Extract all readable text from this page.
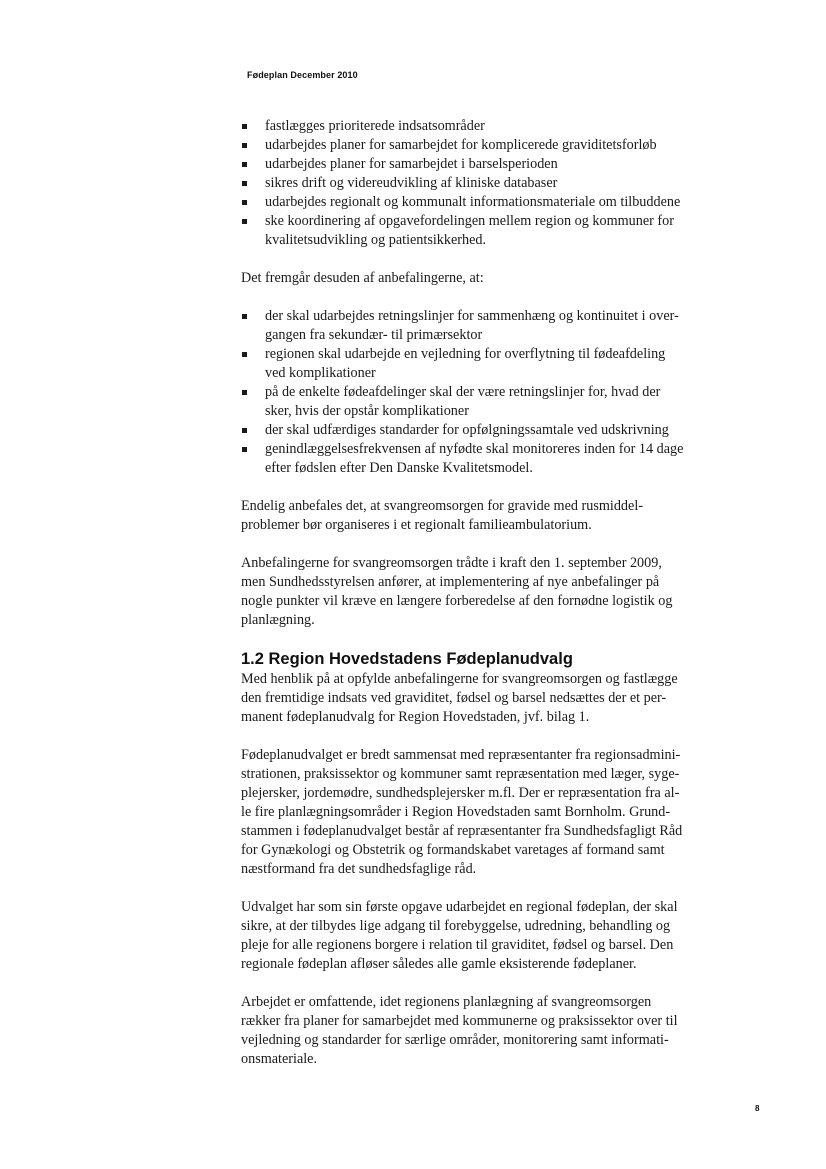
Fødeplan December 2010
fastlægges prioriterede indsatsområder
udarbejdes planer for samarbejdet for komplicerede graviditetsforløb
udarbejdes planer for samarbejdet i barselsperioden
sikres drift og videreudvikling af kliniske databaser
udarbejdes regionalt og kommunalt informationsmateriale om tilbuddene
ske koordinering af opgavefordelingen mellem region og kommuner for
kvalitetsudvikling og patientsikkerhed.

Det fremgår desuden af anbefalingerne, at:

der skal udarbejdes retningslinjer for sammenhæng og kontinuitet i over-
gangen fra sekundær- til primærsektor
regionen skal udarbejde en vejledning for overflytning til fødeafdeling
ved komplikationer
på de enkelte fødeafdelinger skal der være retningslinjer for, hvad der
sker, hvis der opstår komplikationer
der skal udfærdiges standarder for opfølgningssamtale ved udskrivning
genindlæggelsesfrekvensen af nyfødte skal monitoreres inden for 14 dage
efter fødslen efter Den Danske Kvalitetsmodel.

Endelig anbefales det, at svangreomsorgen for gravide med rusmiddel-
problemer bør organiseres i et regionalt familieambulatorium.

Anbefalingerne for svangreomsorgen trådte i kraft den 1. september 2009,
men Sundhedsstyrelsen anfører, at implementering af nye anbefalinger på
nogle punkter vil kræve en længere forberedelse af den fornødne logistik og
planlægning.

1.2 Region Hovedstadens Fødeplanudvalg

Med henblik på at opfylde anbefalingerne for svangreomsorgen og fastlægge
den fremtidige indsats ved graviditet, fødsel og barsel nedsættes der et per-
manent fødeplanudvalg for Region Hovedstaden, jvf. bilag 1.

Fødeplanudvalget er bredt sammensat med repræsentanter fra regionsadmini-
strationen, praksissektor og kommuner samt repræsentation med læger, syge-
plejersker, jordemødre, sundhedsplejersker m.fl. Der er repræsentation fra al-
le fire planlægningsområder i Region Hovedstaden samt Bornholm. Grund-
stammen i fødeplanudvalget består af repræsentanter fra Sundhedsfagligt Råd
for Gynækologi og Obstetrik og formandskabet varetages af formand samt
næstformand fra det sundhedsfaglige råd.

Udvalget har som sin første opgave udarbejdet en regional fødeplan, der skal
sikre, at der tilbydes lige adgang til forebyggelse, udredning, behandling og
pleje for alle regionens borgere i relation til graviditet, fødsel og barsel. Den
regionale fødeplan afløser således alle gamle eksisterende fødeplaner.

Arbejdet er omfattende, idet regionens planlægning af svangreomsorgen
rækker fra planer for samarbejdet med kommunerne og praksissektor over til
vejledning og standarder for særlige områder, monitorering samt informati-
onsmateriale.

8
